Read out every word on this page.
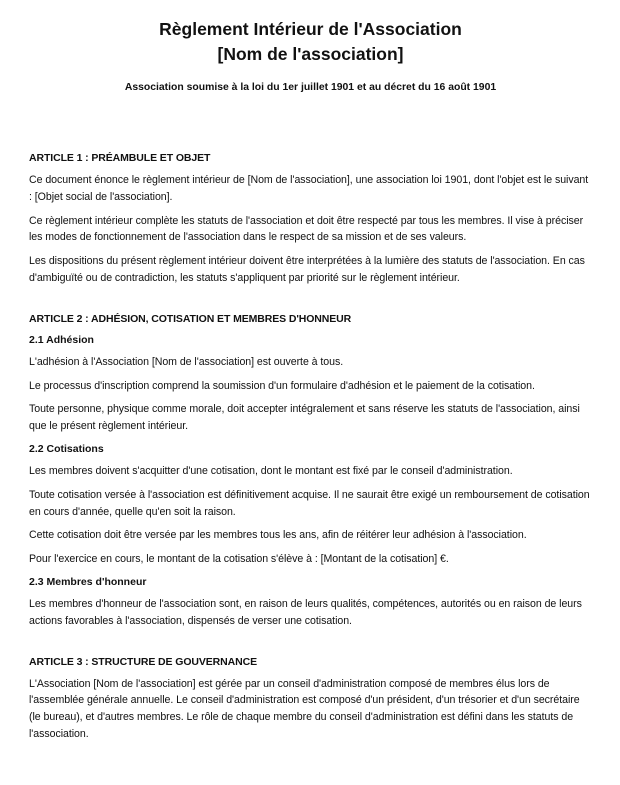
Règlement Intérieur de l'Association
[Nom de l'association]
Association soumise à la loi du 1er juillet 1901 et au décret du 16 août 1901
ARTICLE 1 : PRÉAMBULE ET OBJET

Ce document énonce le règlement intérieur de [Nom de l'association], une association loi 1901, dont l'objet est le suivant : [Objet social de l'association].

Ce règlement intérieur complète les statuts de l'association et doit être respecté par tous les membres. Il vise à préciser les modes de fonctionnement de l'association dans le respect de sa mission et de ses valeurs.

Les dispositions du présent règlement intérieur doivent être interprétées à la lumière des statuts de l'association. En cas d'ambiguïté ou de contradiction, les statuts s'appliquent par priorité sur le règlement intérieur.

ARTICLE 2 : ADHÉSION, COTISATION ET MEMBRES D'HONNEUR
2.1 Adhésion

L'adhésion à l'Association [Nom de l'association] est ouverte à tous.

Le processus d'inscription comprend la soumission d'un formulaire d'adhésion et le paiement de la cotisation.

Toute personne, physique comme morale, doit accepter intégralement et sans réserve les statuts de l'association, ainsi que le présent règlement intérieur.

2.2 Cotisations

Les membres doivent s'acquitter d'une cotisation, dont le montant est fixé par le conseil d'administration.

Toute cotisation versée à l'association est définitivement acquise. Il ne saurait être exigé un remboursement de cotisation en cours d'année, quelle qu'en soit la raison.

Cette cotisation doit être versée par les membres tous les ans, afin de réitérer leur adhésion à l'association.

Pour l'exercice en cours, le montant de la cotisation s'élève à : [Montant de la cotisation] €.

2.3 Membres d'honneur

Les membres d'honneur de l'association sont, en raison de leurs qualités, compétences, autorités ou en raison de leurs actions favorables à l'association, dispensés de verser une cotisation.

ARTICLE 3 : STRUCTURE DE GOUVERNANCE

L'Association [Nom de l'association] est gérée par un conseil d'administration composé de membres élus lors de l'assemblée générale annuelle. Le conseil d'administration est composé d'un président, d'un trésorier et d'un secrétaire (le bureau), et d'autres membres. Le rôle de chaque membre du conseil d'administration est défini dans les statuts de l'association.
